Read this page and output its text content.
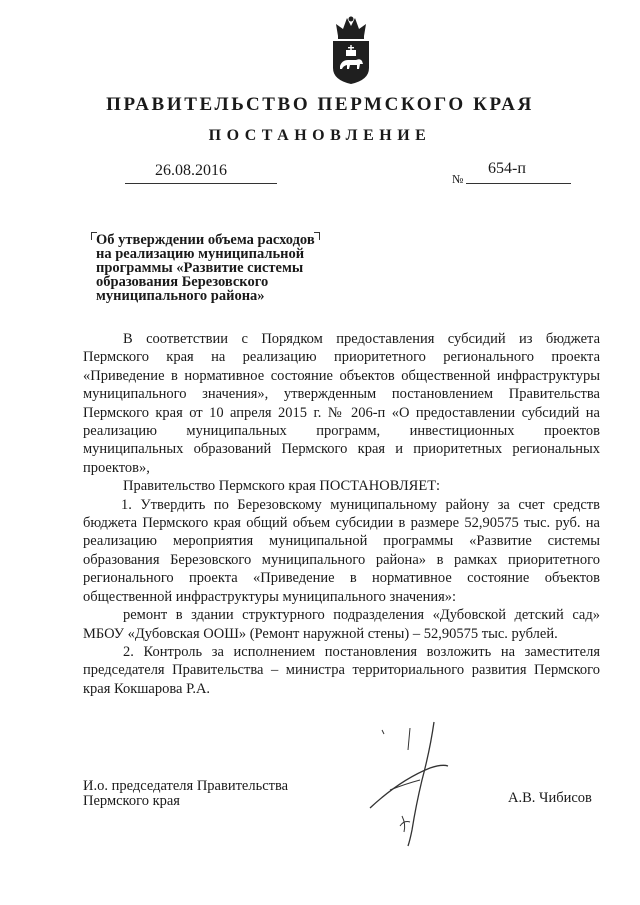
ПРАВИТЕЛЬСТВО ПЕРМСКОГО КРАЯ
ПОСТАНОВЛЕНИЕ
26.08.2016	№
654-п
Об утверждении объема расходов
на реализацию муниципальной
программы «Развитие системы
образования Березовского
муниципального района»

В соответствии с Порядком предоставления субсидий из бюджета Пермского края на реализацию приоритетного регионального проекта «Приведение в нормативное состояние объектов общественной инфраструктуры муниципального значения», утвержденным постановлением Правительства Пермского края от 10 апреля 2015 г. № 206-п «О предоставлении субсидий на реализацию муниципальных программ, инвестиционных проектов муниципальных образований Пермского края и приоритетных региональных проектов»,

Правительство Пермского края ПОСТАНОВЛЯЕТ:

1. Утвердить по Березовскому муниципальному району за счет средств бюджета Пермского края общий объем субсидии в размере 52,90575 тыс. руб. на реализацию мероприятия муниципальной программы «Развитие системы образования Березовского муниципального района» в рамках приоритетного регионального проекта «Приведение в нормативное состояние объектов общественной инфраструктуры муниципального значения»:

ремонт в здании структурного подразделения «Дубовской детский сад» МБОУ «Дубовская ООШ» (Ремонт наружной стены) – 52,90575 тыс. рублей.

2. Контроль за исполнением постановления возложить на заместителя председателя Правительства – министра территориального развития Пермского края Кокшарова Р.А.

И.о. председателя Правительства
Пермского края	А.В. Чибисов
